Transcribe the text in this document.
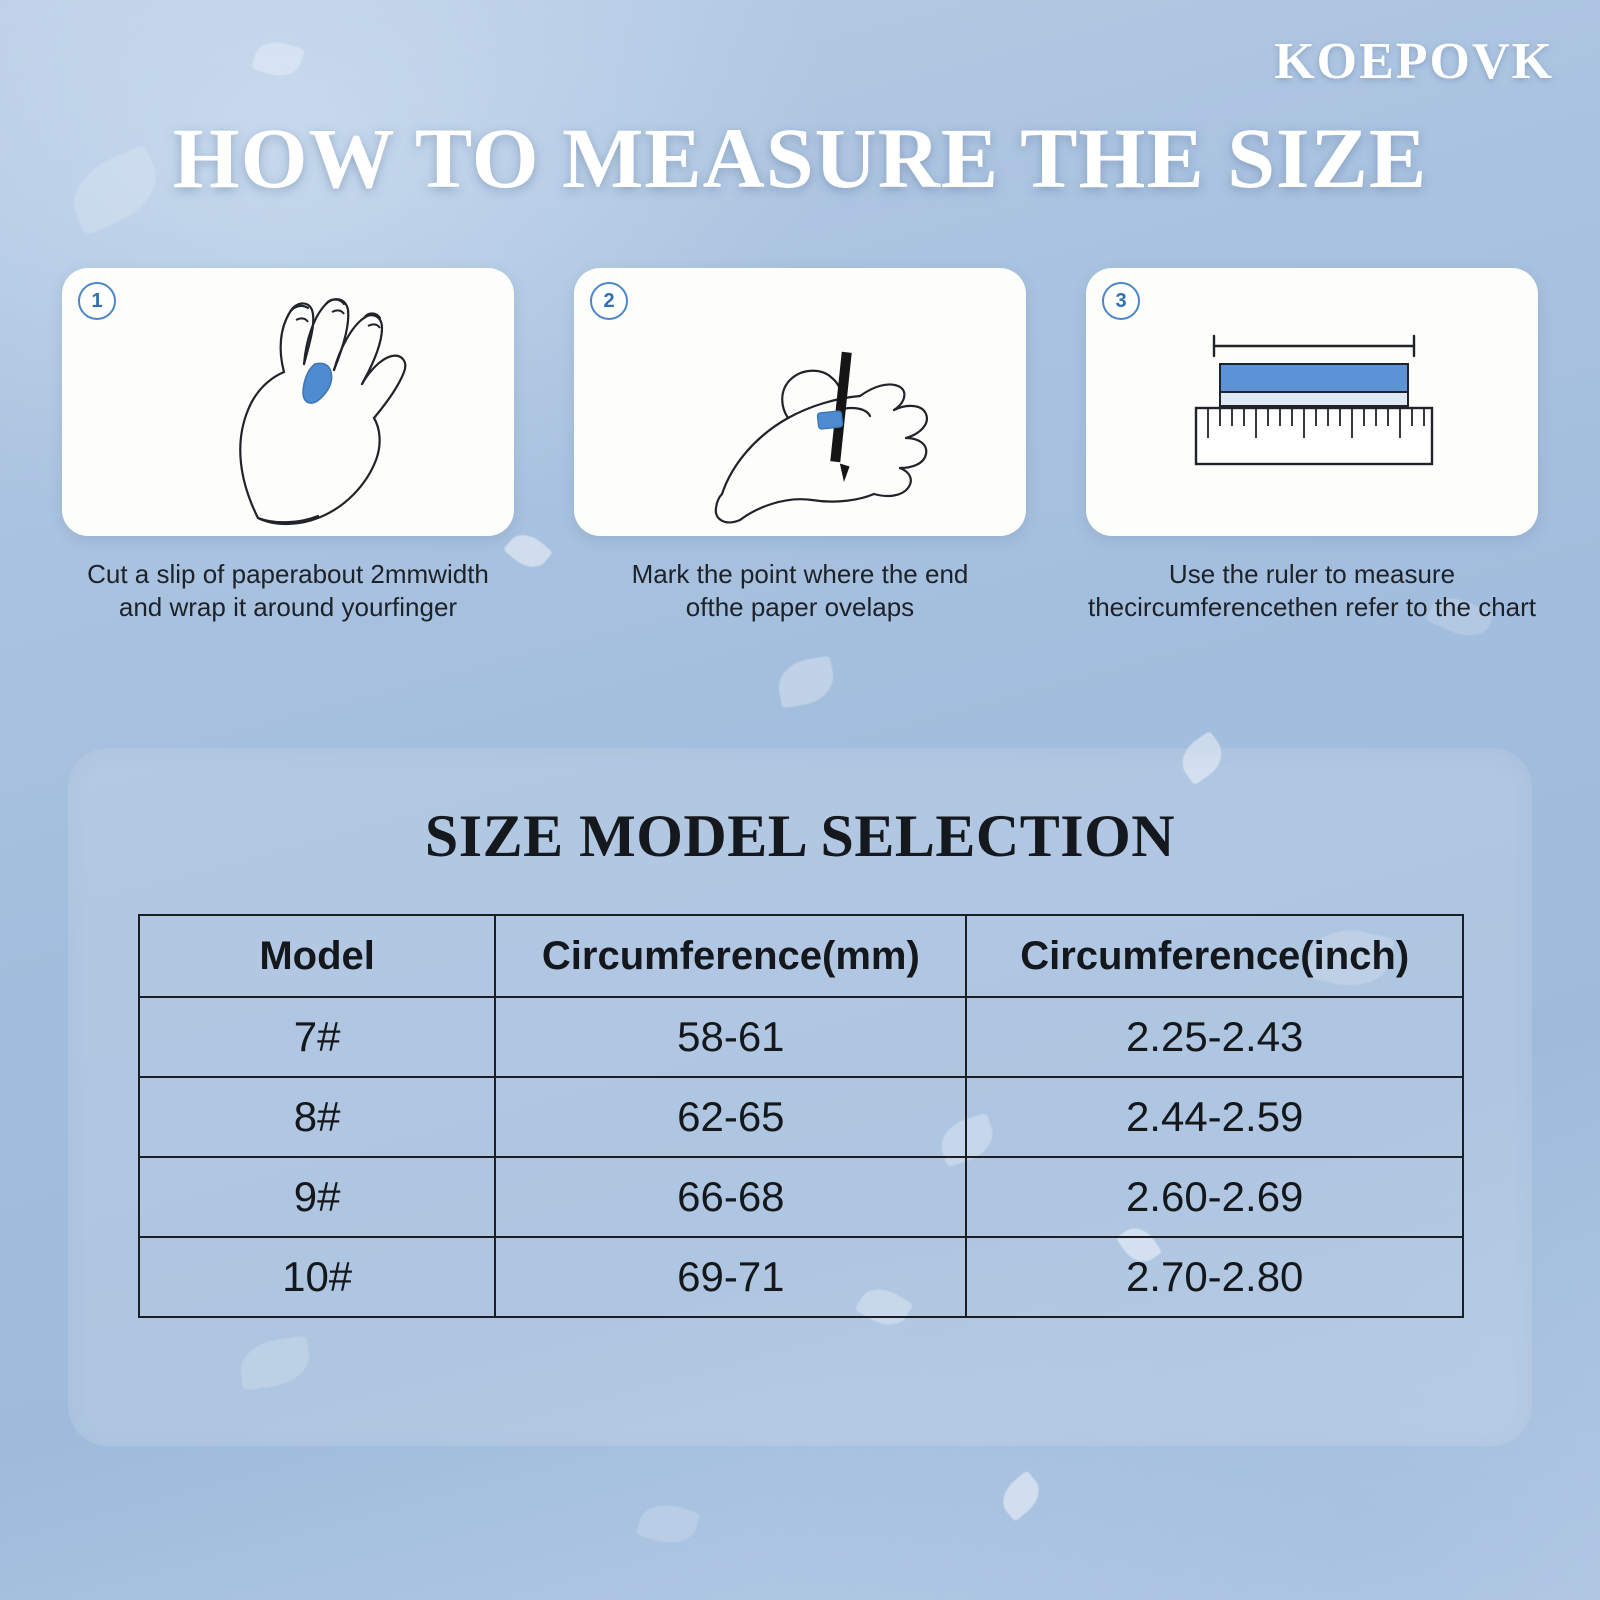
KOEPOVK
HOW TO MEASURE THE SIZE
1
Cut a slip of paperabout 2mmwidth
and wrap it around yourfinger
2
Mark the point where the end
ofthe paper ovelaps
3
Use the ruler to measure
thecircumferencethen refer to the chart
SIZE MODEL SELECTION
Model	Circumference(mm)	Circumference(inch)
7#	58-61	2.25-2.43
8#	62-65	2.44-2.59
9#	66-68	2.60-2.69
10#	69-71	2.70-2.80
